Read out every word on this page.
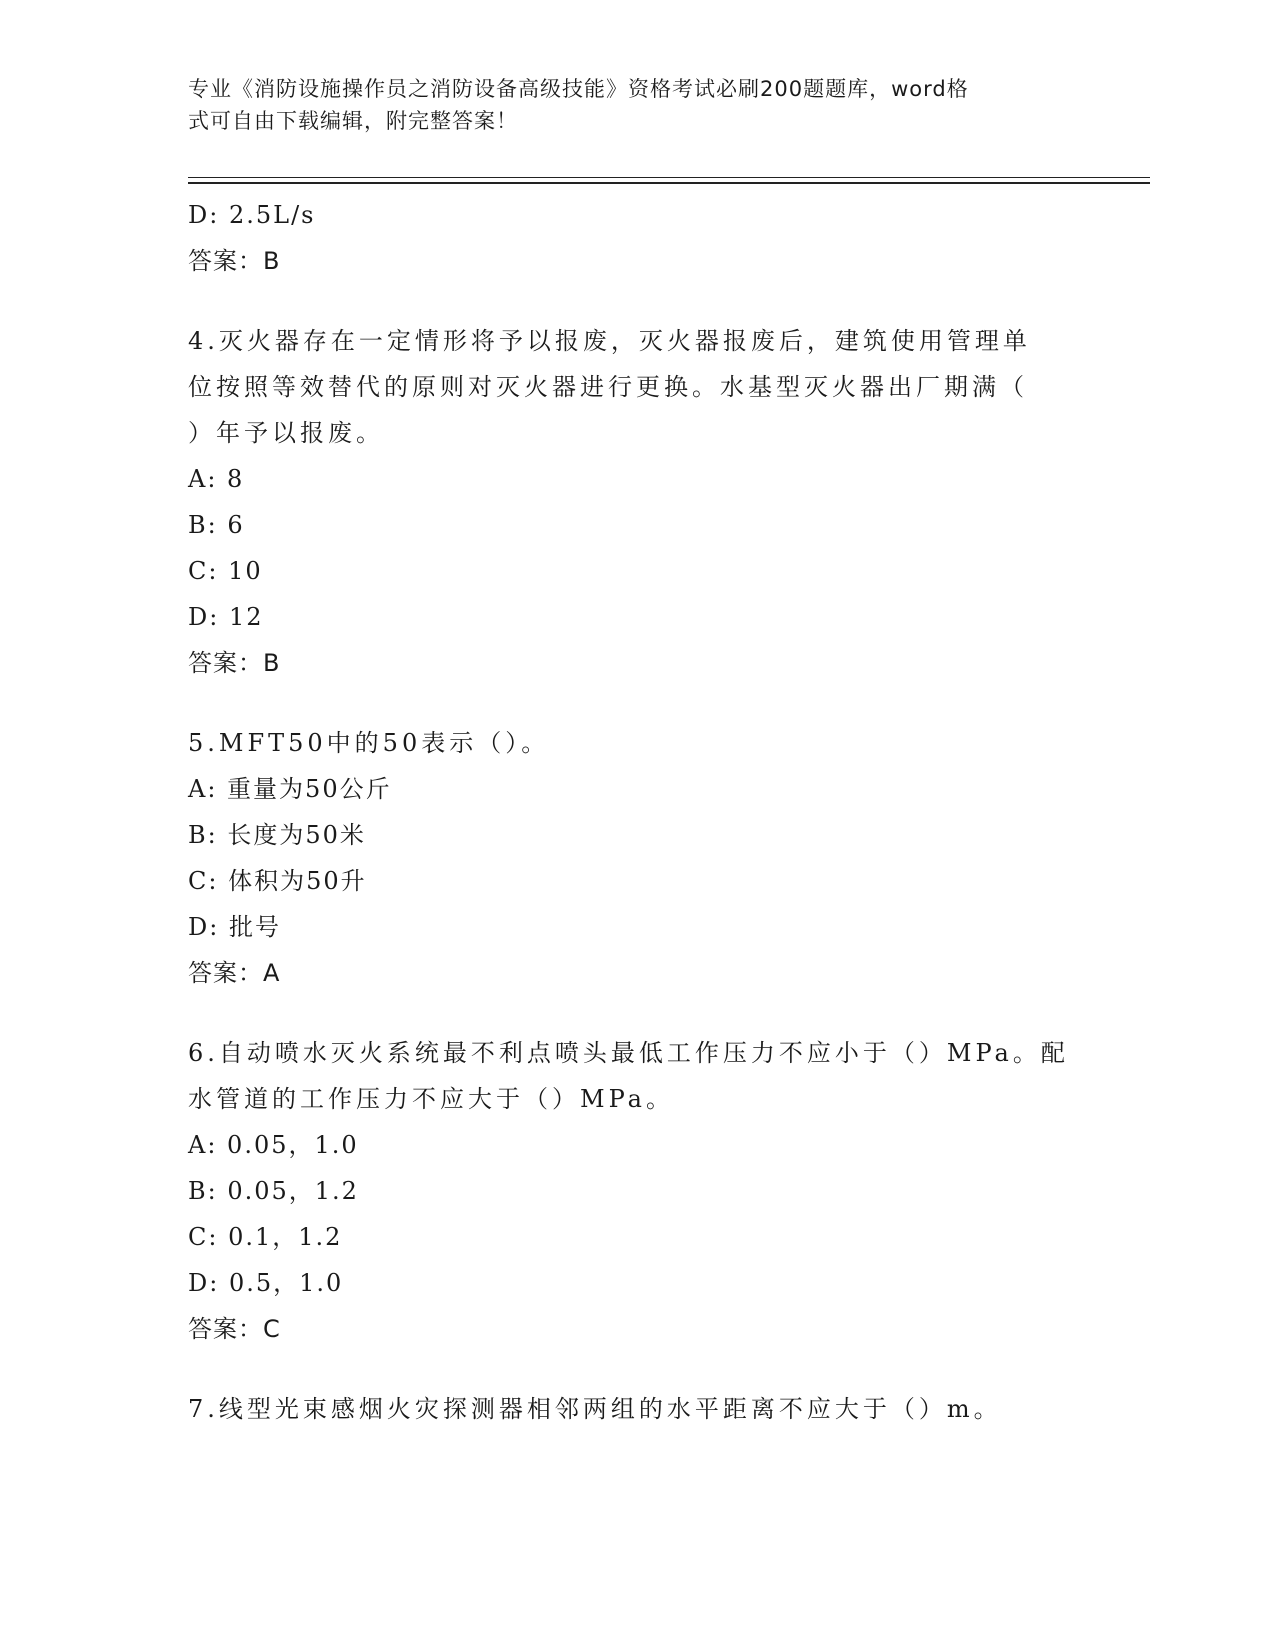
专业《消防设施操作员之消防设备高级技能》资格考试必刷200题题库，word格
式可自由下载编辑，附完整答案！
D: 2.5L/s
答案：B
4.灭火器存在一定情形将予以报废，灭火器报废后，建筑使用管理单
位按照等效替代的原则对灭火器进行更换。水基型灭火器出厂期满（
）年予以报废。
A: 8
B: 6
C: 10
D: 12
答案：B
5.MFT50中的50表示（）。
A: 重量为50公斤
B: 长度为50米
C: 体积为50升
D: 批号
答案：A
6.自动喷水灭火系统最不利点喷头最低工作压力不应小于（）MPa。配
水管道的工作压力不应大于（）MPa。
A: 0.05，1.0
B: 0.05，1.2
C: 0.1，1.2
D: 0.5，1.0
答案：C
7.线型光束感烟火灾探测器相邻两组的水平距离不应大于（）m。
